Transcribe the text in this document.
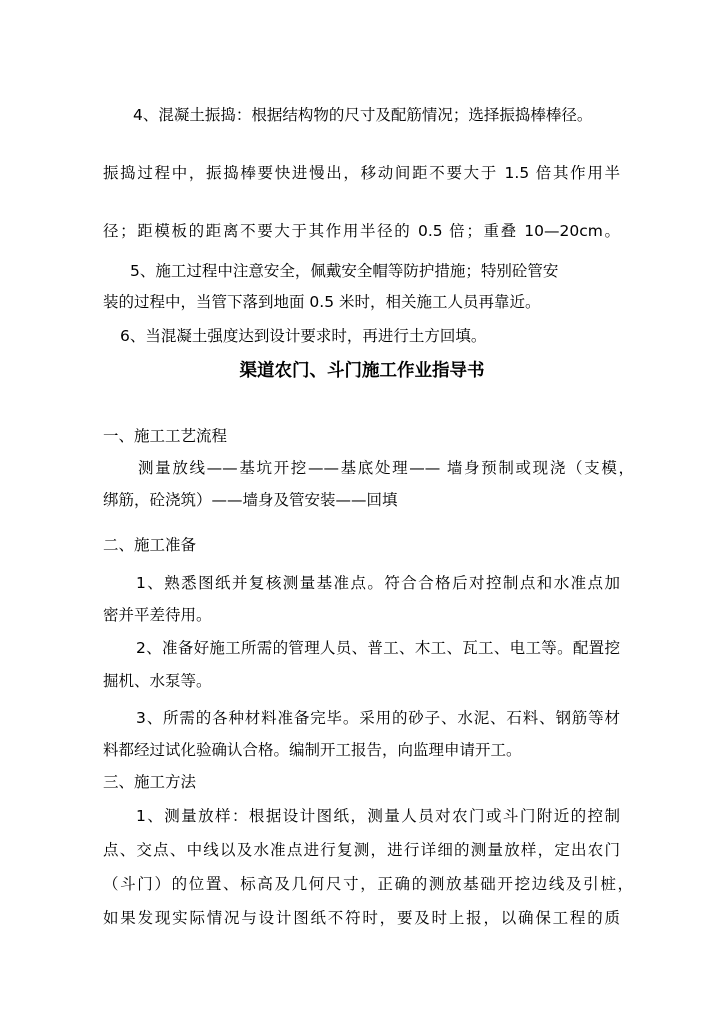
4、混凝土振捣：根据结构物的尺寸及配筋情况；选择振捣棒棒径。
振捣过程中，振捣棒要快进慢出，移动间距不要大于 1.5 倍其作用半
径；距模板的距离不要大于其作用半径的 0.5 倍；重叠 10—20cm。
5、施工过程中注意安全，佩戴安全帽等防护措施；特别砼管安
装的过程中，当管下落到地面 0.5 米时，相关施工人员再靠近。
6、当混凝土强度达到设计要求时，再进行土方回填。
渠道农门、斗门施工作业指导书
一、施工工艺流程
测量放线——基坑开挖——基底处理—— 墙身预制或现浇（支模，
绑筋，砼浇筑）——墙身及管安装——回填
二、施工准备
1、熟悉图纸并复核测量基准点。符合合格后对控制点和水准点加
密并平差待用。
2、准备好施工所需的管理人员、普工、木工、瓦工、电工等。配置挖
掘机、水泵等。
3、所需的各种材料准备完毕。采用的砂子、水泥、石料、钢筋等材
料都经过试化验确认合格。编制开工报告，向监理申请开工。
三、施工方法
1、测量放样：根据设计图纸，测量人员对农门或斗门附近的控制
点、交点、中线以及水准点进行复测，进行详细的测量放样，定出农门
（斗门）的位置、标高及几何尺寸，正确的测放基础开挖边线及引桩，
如果发现实际情况与设计图纸不符时，要及时上报，以确保工程的质
